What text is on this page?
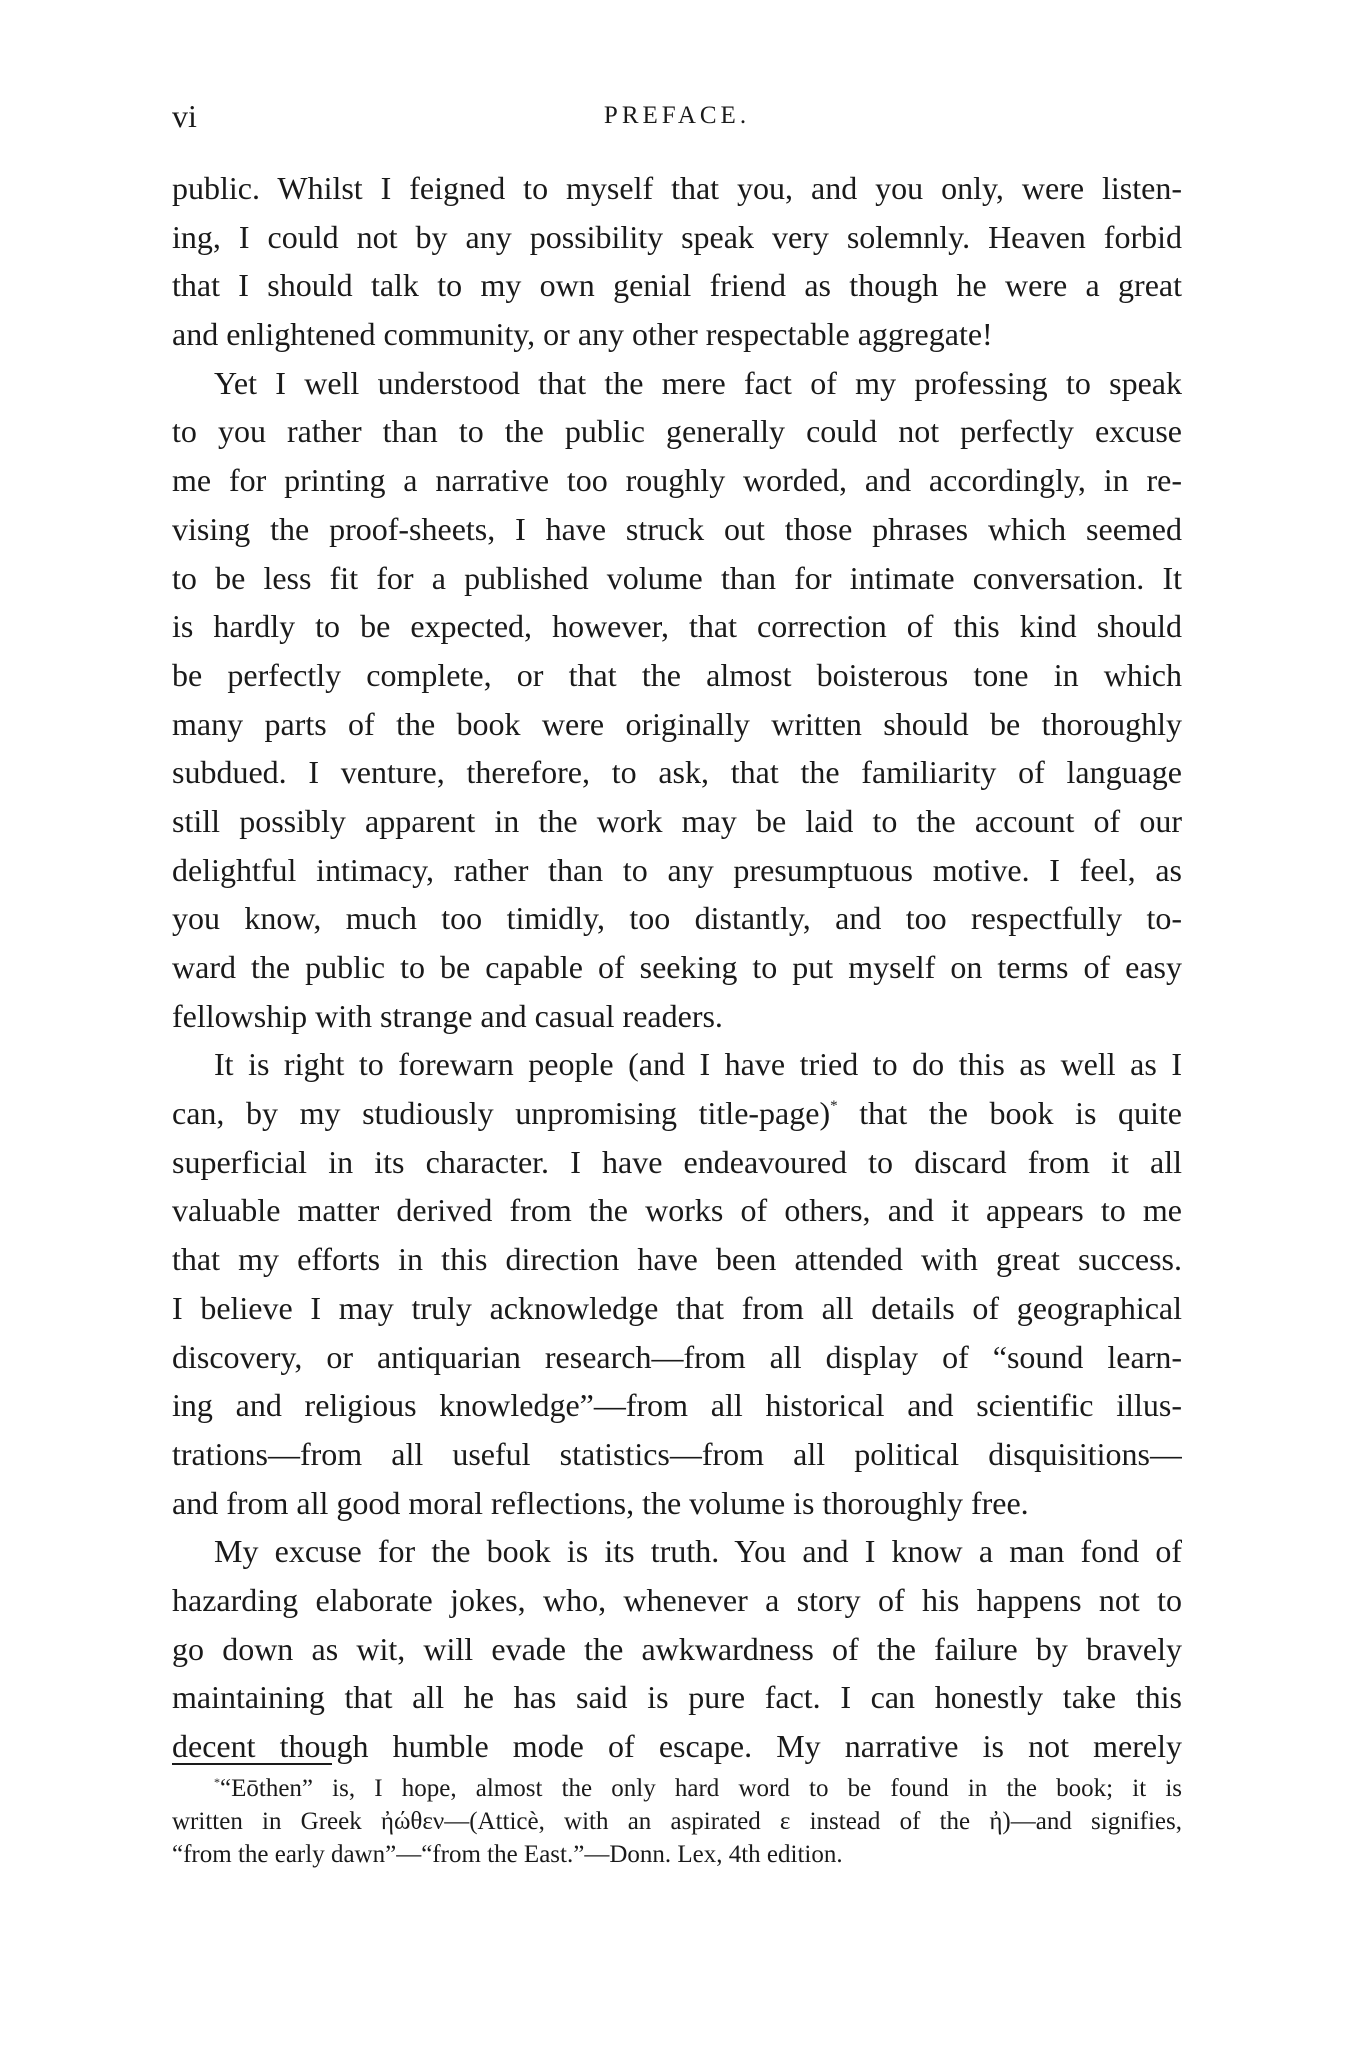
vi	PREFACE.
public. Whilst I feigned to myself that you, and you only, were listen-
ing, I could not by any possibility speak very solemnly. Heaven forbid
that I should talk to my own genial friend as though he were a great
and enlightened community, or any other respectable aggregate!
Yet I well understood that the mere fact of my professing to speak
to you rather than to the public generally could not perfectly excuse
me for printing a narrative too roughly worded, and accordingly, in re-
vising the proof-sheets, I have struck out those phrases which seemed
to be less fit for a published volume than for intimate conversation. It
is hardly to be expected, however, that correction of this kind should
be perfectly complete, or that the almost boisterous tone in which
many parts of the book were originally written should be thoroughly
subdued. I venture, therefore, to ask, that the familiarity of language
still possibly apparent in the work may be laid to the account of our
delightful intimacy, rather than to any presumptuous motive. I feel, as
you know, much too timidly, too distantly, and too respectfully to-
ward the public to be capable of seeking to put myself on terms of easy
fellowship with strange and casual readers.
It is right to forewarn people (and I have tried to do this as well as I
can, by my studiously unpromising title-page)* that the book is quite
superficial in its character. I have endeavoured to discard from it all
valuable matter derived from the works of others, and it appears to me
that my efforts in this direction have been attended with great success.
I believe I may truly acknowledge that from all details of geographical
discovery, or antiquarian research—from all display of “sound learn-
ing and religious knowledge”—from all historical and scientific illus-
trations—from all useful statistics—from all political disquisitions—
and from all good moral reflections, the volume is thoroughly free.
My excuse for the book is its truth. You and I know a man fond of
hazarding elaborate jokes, who, whenever a story of his happens not to
go down as wit, will evade the awkwardness of the failure by bravely
maintaining that all he has said is pure fact. I can honestly take this
decent though humble mode of escape. My narrative is not merely
*“Eōthen” is, I hope, almost the only hard word to be found in the book; it is
written in Greek ἠώθεν—(Atticè, with an aspirated ε instead of the ἠ)—and signifies,
“from the early dawn”—“from the East.”—Donn. Lex, 4th edition.
